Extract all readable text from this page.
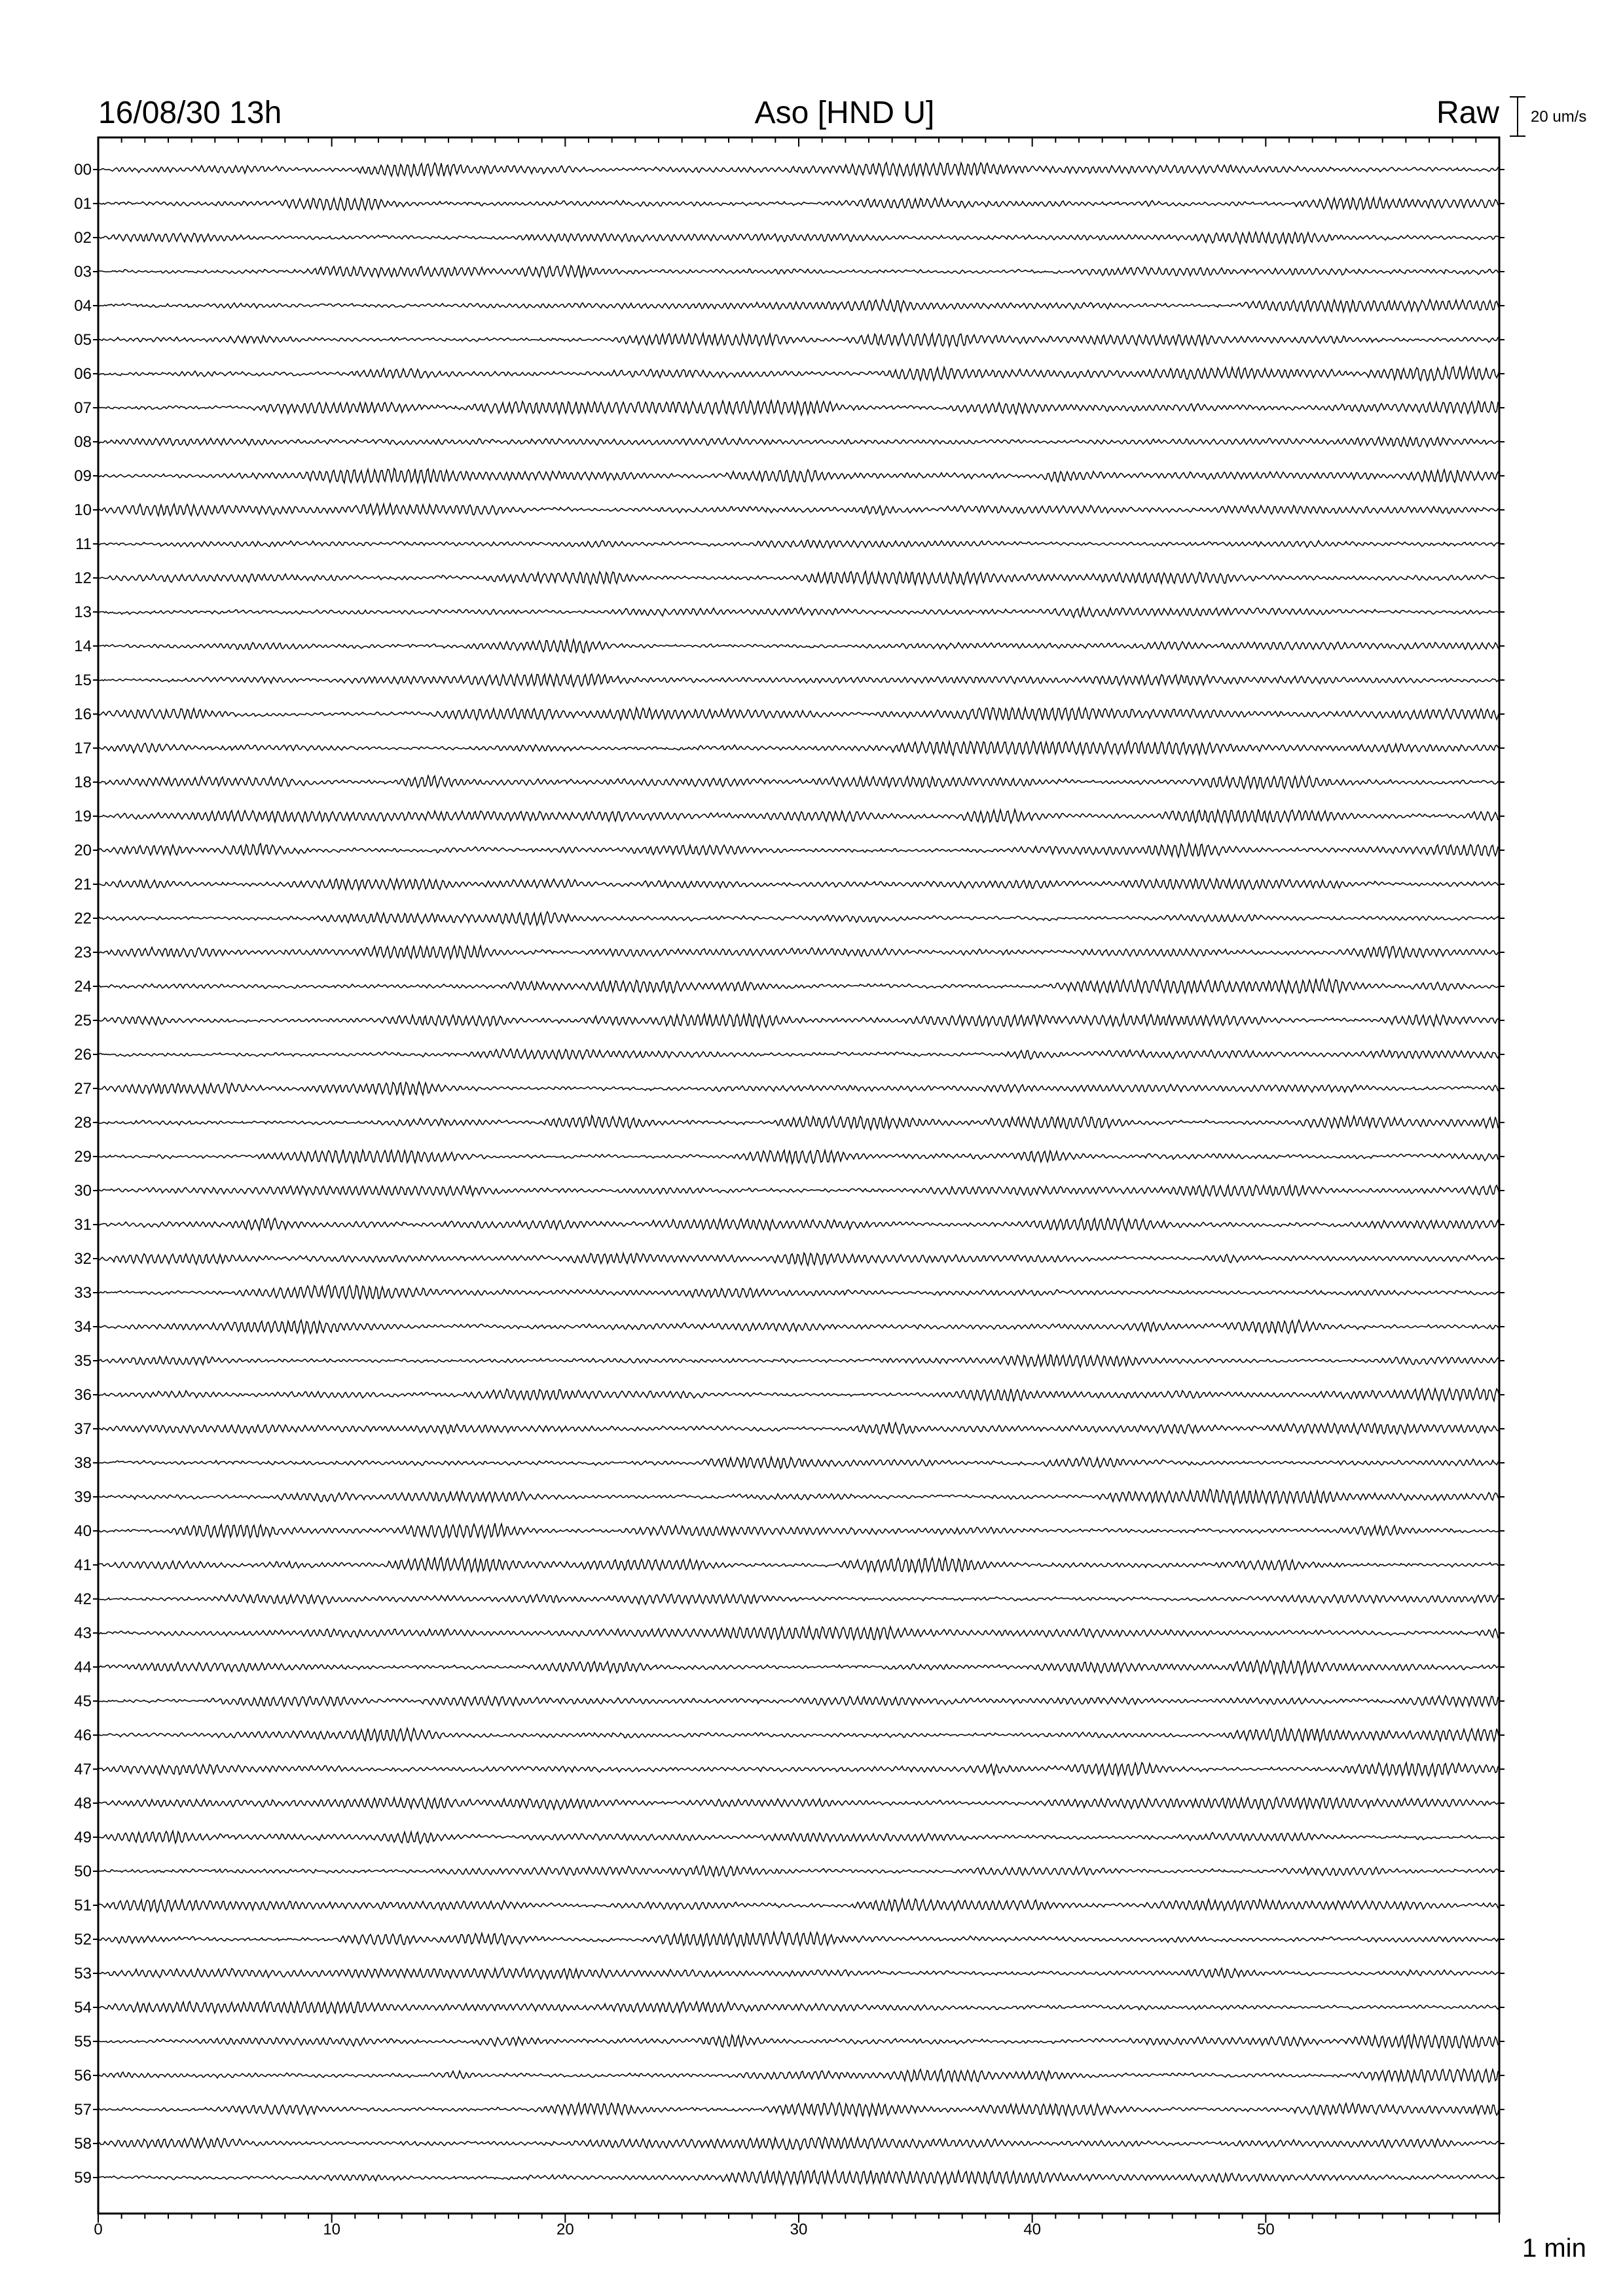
16/08/30 13h	Aso [HND U]	Raw 20 um/s
00
01
02
03
04
05
06
07
08
09
10
11
12
13
14
15
16
17
18
19
20
21
22
23
24
25
26
27
28
29
30
31
32
33
34
35
36
37
38
39
40
41
42
43
44
45
46
47
48
49
50
51
52
53
54
55
56
57
58
59
0	10	20	30	40	50
1 min
